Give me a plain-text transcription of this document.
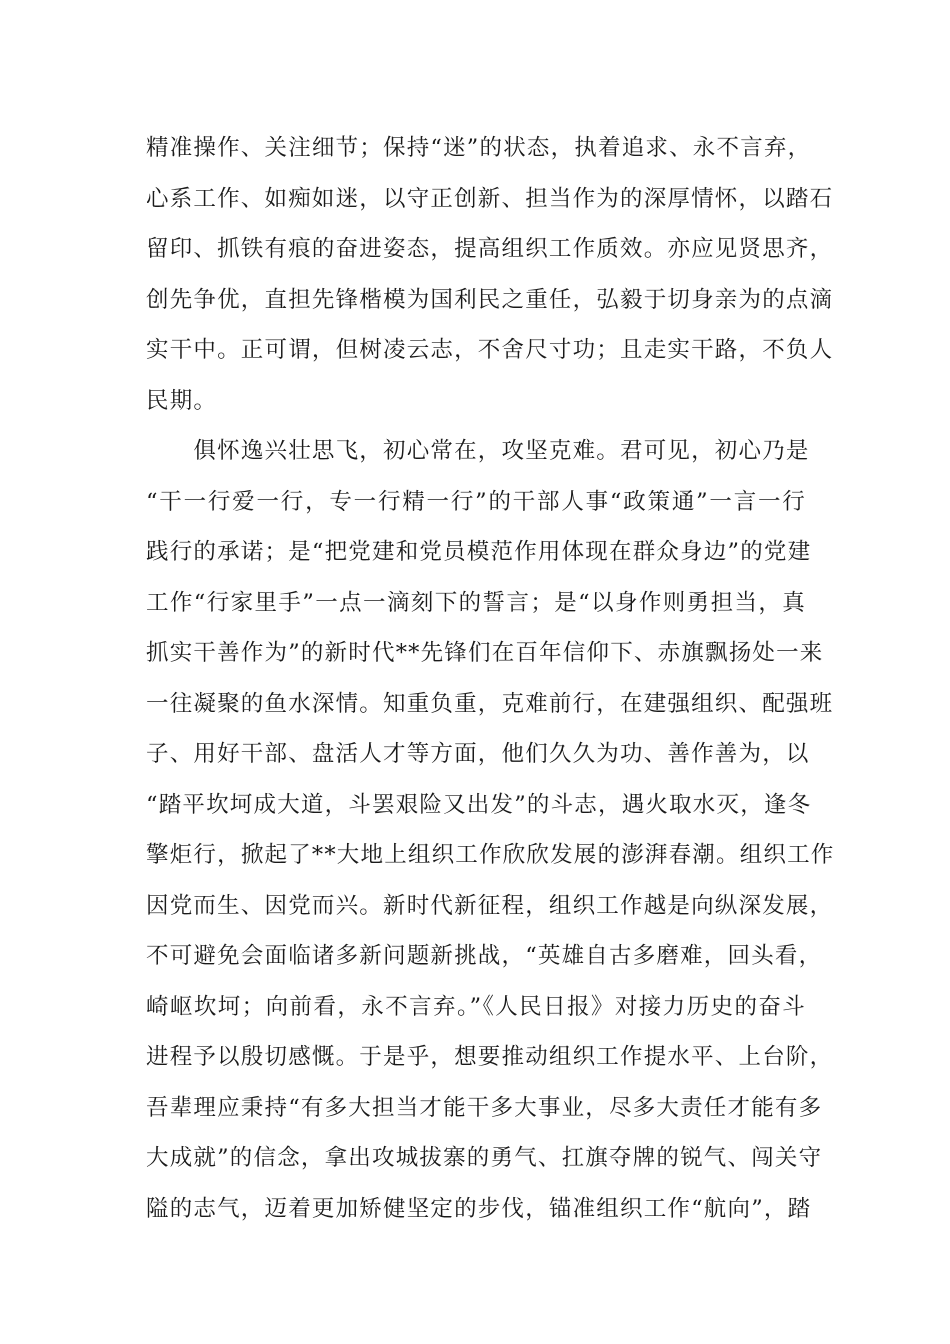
精准操作、关注细节；保持“迷”的状态，执着追求、永不言弃，
心系工作、如痴如迷，以守正创新、担当作为的深厚情怀，以踏石
留印、抓铁有痕的奋进姿态，提高组织工作质效。亦应见贤思齐，
创先争优，直担先锋楷模为国利民之重任，弘毅于切身亲为的点滴
实干中。正可谓，但树凌云志，不舍尺寸功；且走实干路，不负人
民期。
　　俱怀逸兴壮思飞，初心常在，攻坚克难。君可见，初心乃是
“干一行爱一行，专一行精一行”的干部人事“政策通”一言一行
践行的承诺；是“把党建和党员模范作用体现在群众身边”的党建
工作“行家里手”一点一滴刻下的誓言；是“以身作则勇担当，真
抓实干善作为”的新时代**先锋们在百年信仰下、赤旗飘扬处一来
一往凝聚的鱼水深情。知重负重，克难前行，在建强组织、配强班
子、用好干部、盘活人才等方面，他们久久为功、善作善为，以
“踏平坎坷成大道，斗罢艰险又出发”的斗志，遇火取水灭，逢冬
擎炬行，掀起了**大地上组织工作欣欣发展的澎湃春潮。组织工作
因党而生、因党而兴。新时代新征程，组织工作越是向纵深发展，
不可避免会面临诸多新问题新挑战，“英雄自古多磨难，回头看，
崎岖坎坷；向前看，永不言弃。”《人民日报》对接力历史的奋斗
进程予以殷切感慨。于是乎，想要推动组织工作提水平、上台阶，
吾辈理应秉持“有多大担当才能干多大事业，尽多大责任才能有多
大成就”的信念，拿出攻城拔寨的勇气、扛旗夺牌的锐气、闯关守
隘的志气，迈着更加矫健坚定的步伐，锚准组织工作“航向”，踏
